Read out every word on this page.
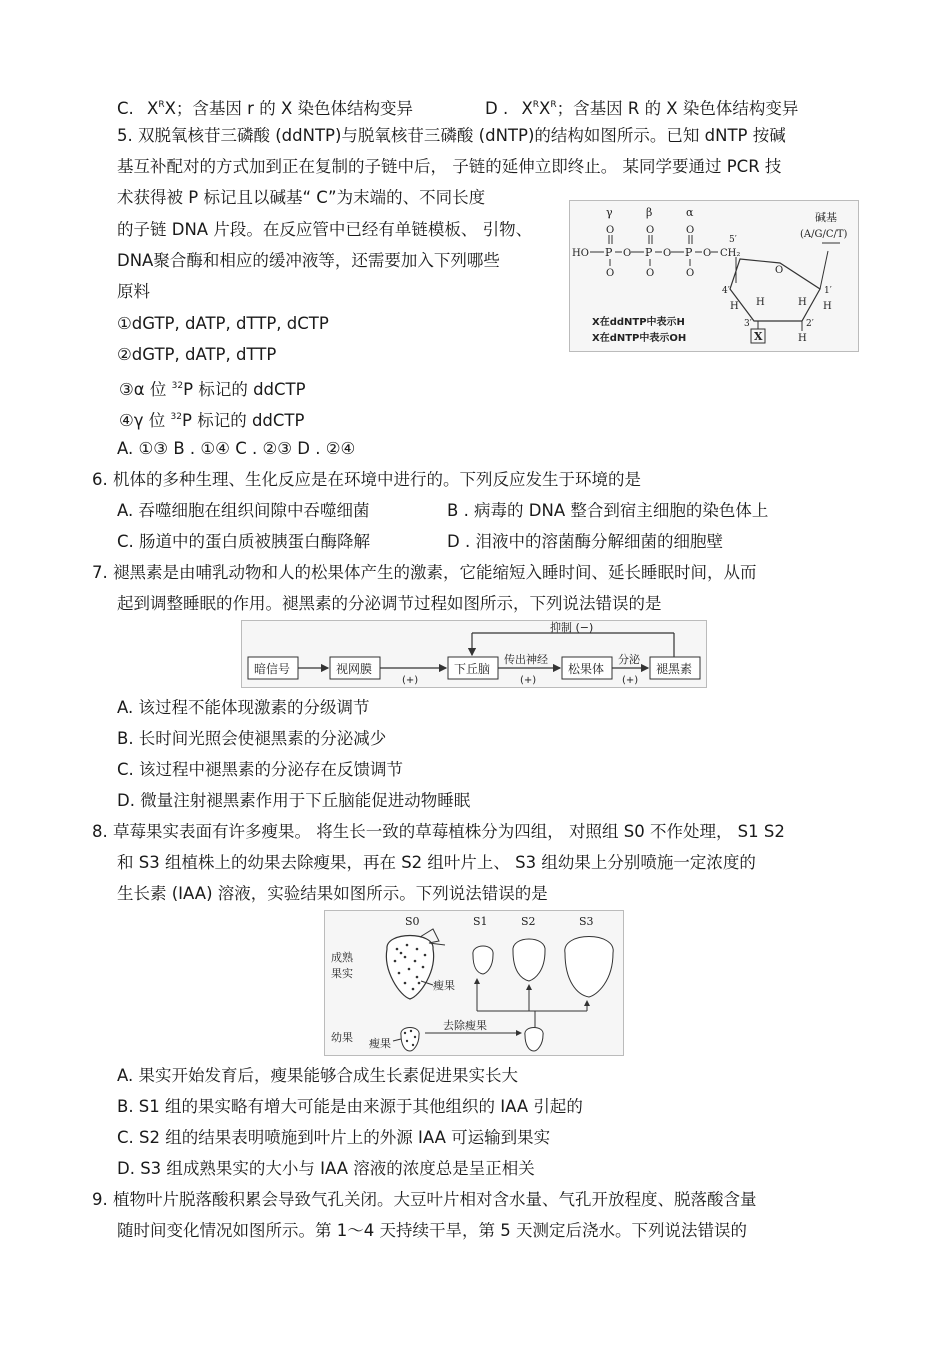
C. $X^RX$；含基因 r 的 X 染色体结构变异	D . $X^RX^R$；含基因 R 的 X 染色体结构变异
5. 双脱氧核苷三磷酸 (ddNTP)与脱氧核苷三磷酸 (dNTP)的结构如图所示。已知 dNTP 按碱
基互补配对的方式加到正在复制的子链中后， 子链的延伸立即终止。 某同学要通过 PCR 技
术获得被 P 标记且以碱基“ C”为末端的、不同长度
的子链 DNA 片段。在反应管中已经有单链模板、 引物、
DNA聚合酶和相应的缓冲液等，还需要加入下列哪些
原料
①dGTP, dATP, dTTP, dCTP
②dGTP, dATP, dTTP
③α 位 $^{32}$P 标记的 ddCTP
④γ 位 $^{32}$P 标记的 ddCTP
A. ①③ B . ①④ C . ②③ D . ②④
γ	β	α	碱基
(A/G/C/T)
O	O	O
HO P O P O P O
5′
CH₂
O	O	O	O
4′	1′
3′	2′
H H	H H
H
X
X在ddNTP中表示H
X在dNTP中表示OH
6. 机体的多种生理、生化反应是在环境中进行的。下列反应发生于环境的是
A. 吞噬细胞在组织间隙中吞噬细菌	B . 病毒的 DNA 整合到宿主细胞的染色体上
C. 肠道中的蛋白质被胰蛋白酶降解	D . 泪液中的溶菌酶分解细菌的细胞壁
7. 褪黑素是由哺乳动物和人的松果体产生的激素，它能缩短入睡时间、延长睡眠时间，从而
起到调整睡眠的作用。褪黑素的分泌调节过程如图所示，下列说法错误的是
抑制 (−)
暗信号	视网膜	下丘脑	松果体	褪黑素
(+)
传出神经
(+)
分泌
(+)
A. 该过程不能体现激素的分级调节
B. 长时间光照会使褪黑素的分泌减少
C. 该过程中褪黑素的分泌存在反馈调节
D. 微量注射褪黑素作用于下丘脑能促进动物睡眠
8. 草莓果实表面有许多瘦果。 将生长一致的草莓植株分为四组， 对照组 S0 不作处理， S1 S2
和 S3 组植株上的幼果去除瘦果，再在 S2 组叶片上、 S3 组幼果上分别喷施一定浓度的
生长素 (IAA) 溶液，实验结果如图所示。下列说法错误的是
S0	S1	S2	S3
成熟
果实
瘦果
幼果 瘦果
去除瘦果
A. 果实开始发育后，瘦果能够合成生长素促进果实长大
B. S1 组的果实略有增大可能是由来源于其他组织的 IAA 引起的
C. S2 组的结果表明喷施到叶片上的外源 IAA 可运输到果实
D. S3 组成熟果实的大小与 IAA 溶液的浓度总是呈正相关
9. 植物叶片脱落酸积累会导致气孔关闭。大豆叶片相对含水量、气孔开放程度、脱落酸含量
随时间变化情况如图所示。第 1～4 天持续干旱，第 5 天测定后浇水。下列说法错误的
